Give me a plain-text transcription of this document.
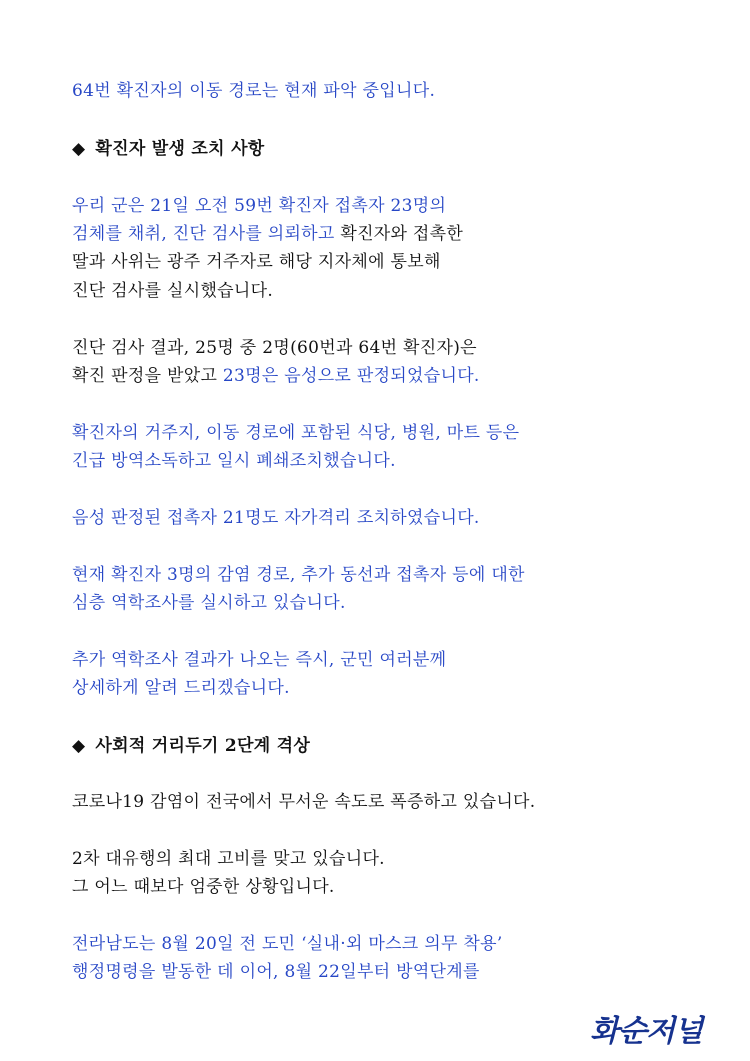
64번 확진자의 이동 경로는 현재 파악 중입니다.
◆ 확진자 발생 조치 사항
우리 군은 21일 오전 59번 확진자 접촉자 23명의
검체를 채취, 진단 검사를 의뢰하고 확진자와 접촉한
딸과 사위는 광주 거주자로 해당 지자체에 통보해
진단 검사를 실시했습니다.
진단 검사 결과, 25명 중 2명(60번과 64번 확진자)은
확진 판정을 받았고 23명은 음성으로 판정되었습니다.
확진자의 거주지, 이동 경로에 포함된 식당, 병원, 마트 등은
긴급 방역소독하고 일시 폐쇄조치했습니다.
음성 판정된 접촉자 21명도 자가격리 조치하였습니다.
현재 확진자 3명의 감염 경로, 추가 동선과 접촉자 등에 대한
심층 역학조사를 실시하고 있습니다.
추가 역학조사 결과가 나오는 즉시, 군민 여러분께
상세하게 알려 드리겠습니다.
◆ 사회적 거리두기 2단계 격상
코로나19 감염이 전국에서 무서운 속도로 폭증하고 있습니다.
2차 대유행의 최대 고비를 맞고 있습니다.
그 어느 때보다 엄중한 상황입니다.
전라남도는 8월 20일 전 도민 ‘실내·외 마스크 의무 착용’
행정명령을 발동한 데 이어, 8월 22일부터 방역단계를
화순저널
